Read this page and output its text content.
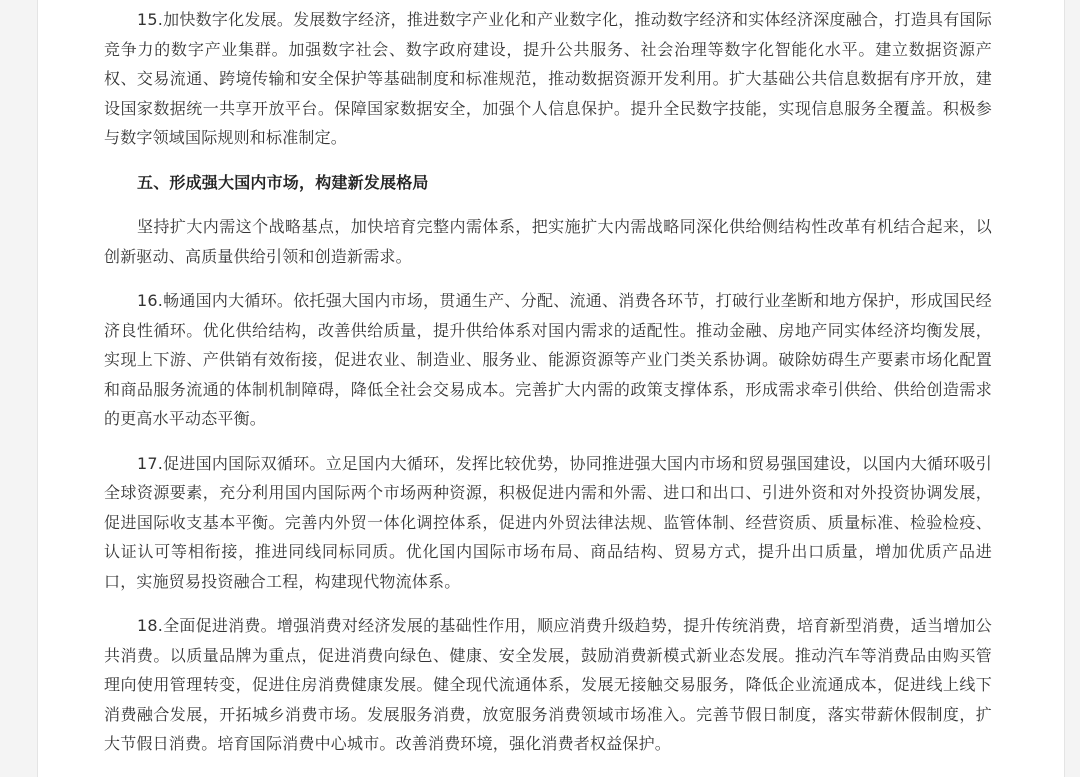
15.加快数字化发展。发展数字经济，推进数字产业化和产业数字化，推动数字经济和实体经济深度融合，打造具有国际竞争力的数字产业集群。加强数字社会、数字政府建设，提升公共服务、社会治理等数字化智能化水平。建立数据资源产权、交易流通、跨境传输和安全保护等基础制度和标准规范，推动数据资源开发利用。扩大基础公共信息数据有序开放，建设国家数据统一共享开放平台。保障国家数据安全，加强个人信息保护。提升全民数字技能，实现信息服务全覆盖。积极参与数字领域国际规则和标准制定。

五、形成强大国内市场，构建新发展格局

坚持扩大内需这个战略基点，加快培育完整内需体系，把实施扩大内需战略同深化供给侧结构性改革有机结合起来，以创新驱动、高质量供给引领和创造新需求。

16.畅通国内大循环。依托强大国内市场，贯通生产、分配、流通、消费各环节，打破行业垄断和地方保护，形成国民经济良性循环。优化供给结构，改善供给质量，提升供给体系对国内需求的适配性。推动金融、房地产同实体经济均衡发展，实现上下游、产供销有效衔接，促进农业、制造业、服务业、能源资源等产业门类关系协调。破除妨碍生产要素市场化配置和商品服务流通的体制机制障碍，降低全社会交易成本。完善扩大内需的政策支撑体系，形成需求牵引供给、供给创造需求的更高水平动态平衡。

17.促进国内国际双循环。立足国内大循环，发挥比较优势，协同推进强大国内市场和贸易强国建设，以国内大循环吸引全球资源要素，充分利用国内国际两个市场两种资源，积极促进内需和外需、进口和出口、引进外资和对外投资协调发展，促进国际收支基本平衡。完善内外贸一体化调控体系，促进内外贸法律法规、监管体制、经营资质、质量标准、检验检疫、认证认可等相衔接，推进同线同标同质。优化国内国际市场布局、商品结构、贸易方式，提升出口质量，增加优质产品进口，实施贸易投资融合工程，构建现代物流体系。

18.全面促进消费。增强消费对经济发展的基础性作用，顺应消费升级趋势，提升传统消费，培育新型消费，适当增加公共消费。以质量品牌为重点，促进消费向绿色、健康、安全发展，鼓励消费新模式新业态发展。推动汽车等消费品由购买管理向使用管理转变，促进住房消费健康发展。健全现代流通体系，发展无接触交易服务，降低企业流通成本，促进线上线下消费融合发展，开拓城乡消费市场。发展服务消费，放宽服务消费领域市场准入。完善节假日制度，落实带薪休假制度，扩大节假日消费。培育国际消费中心城市。改善消费环境，强化消费者权益保护。
